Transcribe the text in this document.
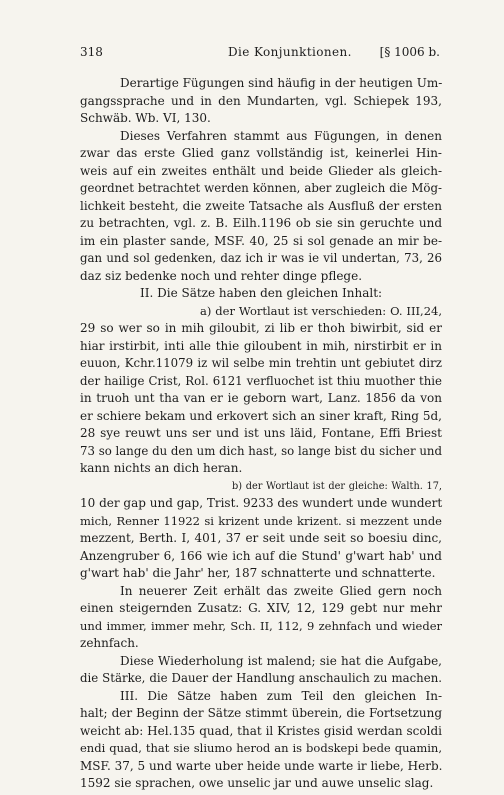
318	Die Konjunktionen. [§ 1006 b.
Derartige Fügungen sind häufig in der heutigen Um-
gangssprache und in den Mundarten, vgl. Schiepek 193,
Schwäb. Wb. VI, 130.
Dieses Verfahren stammt aus Fügungen, in denen
zwar das erste Glied ganz vollständig ist, keinerlei Hin-
weis auf ein zweites enthält und beide Glieder als gleich-
geordnet betrachtet werden können, aber zugleich die Mög-
lichkeit besteht, die zweite Tatsache als Ausfluß der ersten
zu betrachten, vgl. z. B. Eilh.1196 ob sie sin geruchte und
im ein plaster sande, MSF. 40, 25 si sol genade an mir be-
gan und sol gedenken, daz ich ir was ie vil undertan, 73, 26
daz siz bedenke noch und rehter dinge pflege.
II. Die Sätze haben den gleichen Inhalt:
a) der Wortlaut ist verschieden: O. III,24,
29 so wer so in mih giloubit, zi lib er thoh biwirbit, sid er
hiar irstirbit, inti alle thie giloubent in mih, nirstirbit er in
euuon, Kchr.11079 iz wil selbe min trehtin unt gebiutet dirz
der hailige Crist, Rol. 6121 verfluochet ist thiu muother thie
in truoh unt tha van er ie geborn wart, Lanz. 1856 da von
er schiere bekam und erkovert sich an siner kraft, Ring 5d,
28 sye reuwt uns ser und ist uns läid, Fontane, Effi Briest
73 so lange du den um dich hast, so lange bist du sicher und
kann nichts an dich heran.
b) der Wortlaut ist der gleiche: Walth. 17,
10 der gap und gap, Trist. 9233 des wundert unde wundert
mich, Renner 11922 si krizent unde krizent. si mezzent unde
mezzent, Berth. I, 401, 37 er seit unde seit so boesiu dinc,
Anzengruber 6, 166 wie ich auf die Stund' g'wart hab' und
g'wart hab' die Jahr' her, 187 schnatterte und schnatterte.
In neuerer Zeit erhält das zweite Glied gern noch
einen steigernden Zusatz: G. XIV, 12, 129 gebt nur mehr
und immer, immer mehr, Sch. II, 112, 9 zehnfach und wieder
zehnfach.
Diese Wiederholung ist malend; sie hat die Aufgabe,
die Stärke, die Dauer der Handlung anschaulich zu machen.
III. Die Sätze haben zum Teil den gleichen In-
halt; der Beginn der Sätze stimmt überein, die Fortsetzung
weicht ab: Hel.135 quad, that il Kristes gisid werdan scoldi
endi quad, that sie sliumo herod an is bodskepi bede quamin,
MSF. 37, 5 und warte uber heide unde warte ir liebe, Herb.
1592 sie sprachen, owe unselic jar und auwe unselic slag.
